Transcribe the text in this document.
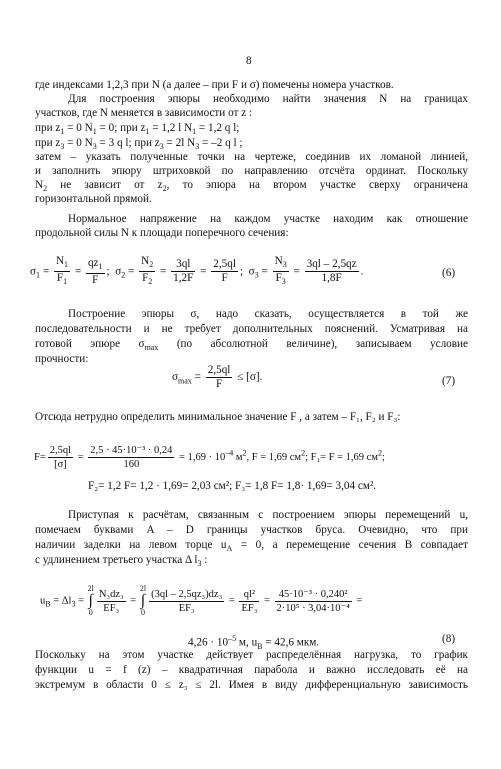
8
где индексами 1,2,3 при N (а далее – при F и σ) помечены номера участков.
Для построения эпюры необходимо найти значения N на границах
участков, где N меняется в зависимости от z :
при $z_1 = 0$ $N_1 = 0$; при $z_1 = 1,2$ l $N_1 = 1,2$ q l;
при $z_3 = 0$ $N_3 = 3$ q l; при $z_3 = 2l$ $N_3 = -2$ q l ;
затем – указать полученные точки на чертеже, соединив их ломаной линией,
и заполнить эпюру штриховкой по направлению отсчёта ординат. Поскольку
$N_2$ не зависит от $z_2$, то эпюра на втором участке сверху ограничена
горизонтальной прямой.
Нормальное напряжение на каждом участке находим как отношение
продольной силы N к площади поперечного сечения:
$\sigma_1 = \frac{N_1}{F_1} = \frac{qz_1}{F}$ ;  $\sigma_2 = \frac{N_2}{F_2} = \frac{3ql}{1,2F} = \frac{2,5ql}{F}$ ;  $\sigma_3 = \frac{N_3}{F_3} = \frac{3ql - 2,5qz}{1,8F}$ .	(6)
Построение эпюры σ, надо сказать, осуществляется в той же
последовательности и не требует дополнительных пояснений. Усматривая на
готовой эпюре $\sigma_{max}$ (по абсолютной величине), записываем условие
прочности:
$\sigma_{max} = \frac{2,5ql}{F} \le [\sigma]$.	(7)
Отсюда нетрудно определить минимальное значение F , а затем – F₁, F₂ и F₃:
$F= \frac{2,5ql}{[\sigma]} = \frac{\text{2,5 · 45·10⁻³ · 0,24}}{160} = 1,69 \cdot 10^{-4}$ $м^2$, F = 1,69 $см^2$; F₁= F = 1,69 $см^2$;
F₂= 1,2 F= 1,2 · 1,69= 2,03 см²; F₃= 1,8 F= 1,8· 1,69= 3,04 см².
Приступая к расчётам, связанным с построением эпюры перемещений u,
помечаем буквами A – D границы участков бруса. Очевидно, что при
наличии заделки на левом торце $u_A = 0$, а перемещение сечения B совпадает
с удлинением третьего участка Δ $l_3$ :
$u_B = \Delta l_3$ =
2l
∫
$0 \frac{\text{N₃dz₃}}{\text{EF₃}}$ =
2l
∫
$0 \frac{\text{(3ql – 2,5qz₃)dz₃}}{\text{EF₃}} = \frac{\text{ql²}}{\text{EF₃}} = \frac{\text{45·10⁻³ · 0,240²}}{\text{2·10⁵ · 3,04·10⁻⁴}}$ =
$4,26 \cdot 10^{-5}$ м, $u_B = 42,6$ мкм.	(8)
Поскольку на этом участке действует распределённая нагрузка, то график
функции u = f (z) – квадратичная парабола и важно исследовать её на
экстремум в области 0 ≤ z₃ ≤ 2l. Имея в виду дифференциальную зависимость
